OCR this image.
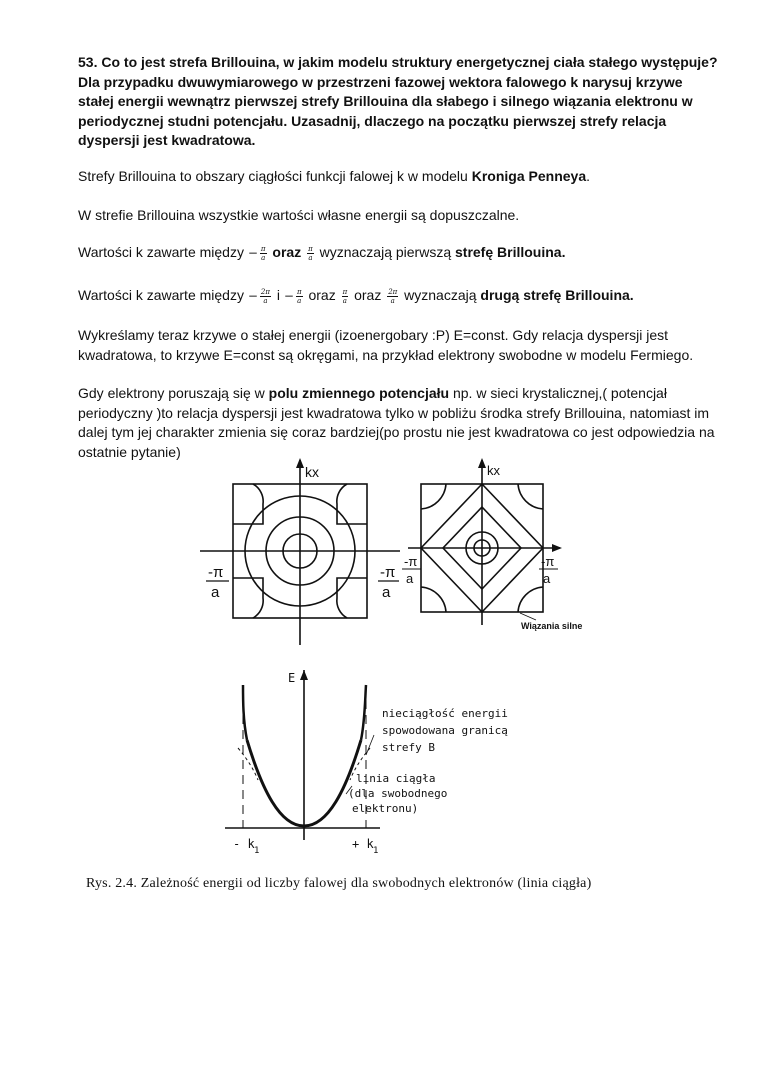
53. Co to jest strefa Brillouina, w jakim modelu struktury energetycznej ciała stałego występuje? Dla przypadku dwuwymiarowego w przestrzeni fazowej wektora falowego k narysuj krzywe stałej energii wewnątrz pierwszej strefy Brillouina dla słabego i silnego wiązania elektronu w periodycznej studni potencjału. Uzasadnij, dlaczego na początku pierwszej strefy relacja dyspersji jest kwadratowa.

Strefy Brillouina to obszary ciągłości funkcji falowej k w modelu Kroniga Penneya.

W strefie Brillouina wszystkie wartości własne energii są dopuszczalne.

Wartości k zawarte między − $\frac{\pi}{a}$ oraz $\frac{\pi}{a}$ wyznaczają pierwszą strefę Brillouina.

Wartości k zawarte między − $\frac{2\pi}{a}$ $i - \frac{\pi}{a}$ oraz $\frac{\pi}{a}$ oraz $\frac{2\pi}{a}$ wyznaczają drugą strefę Brillouina.

Wykreślamy teraz krzywe o stałej energii (izoenergobary :P) E=const. Gdy relacja dyspersji jest kwadratowa, to krzywe E=const są okręgami, na przykład elektrony swobodne w modelu Fermiego.

Gdy elektrony poruszają się w polu zmiennego potencjału np. w sieci krystalicznej,( potencjał periodyczny )to relacja dyspersji jest kwadratowa tylko w pobliżu środka strefy Brillouina, natomiast im dalej tym jej charakter zmienia się coraz bardziej(po prostu nie jest kwadratowa co jest odpowiedzia na ostatnie pytanie)

kx
-π
a
-π
a
kx
-π
a
-π
a
Wiązania silne
E
nieciągłość energii
spowodowana granicą
strefy B
linia ciągła
(dla swobodnego
elektronu)
- k 1	+ k 1
Rys. 2.4. Zależność energii od liczby falowej dla swobodnych elektronów (linia ciągła)
